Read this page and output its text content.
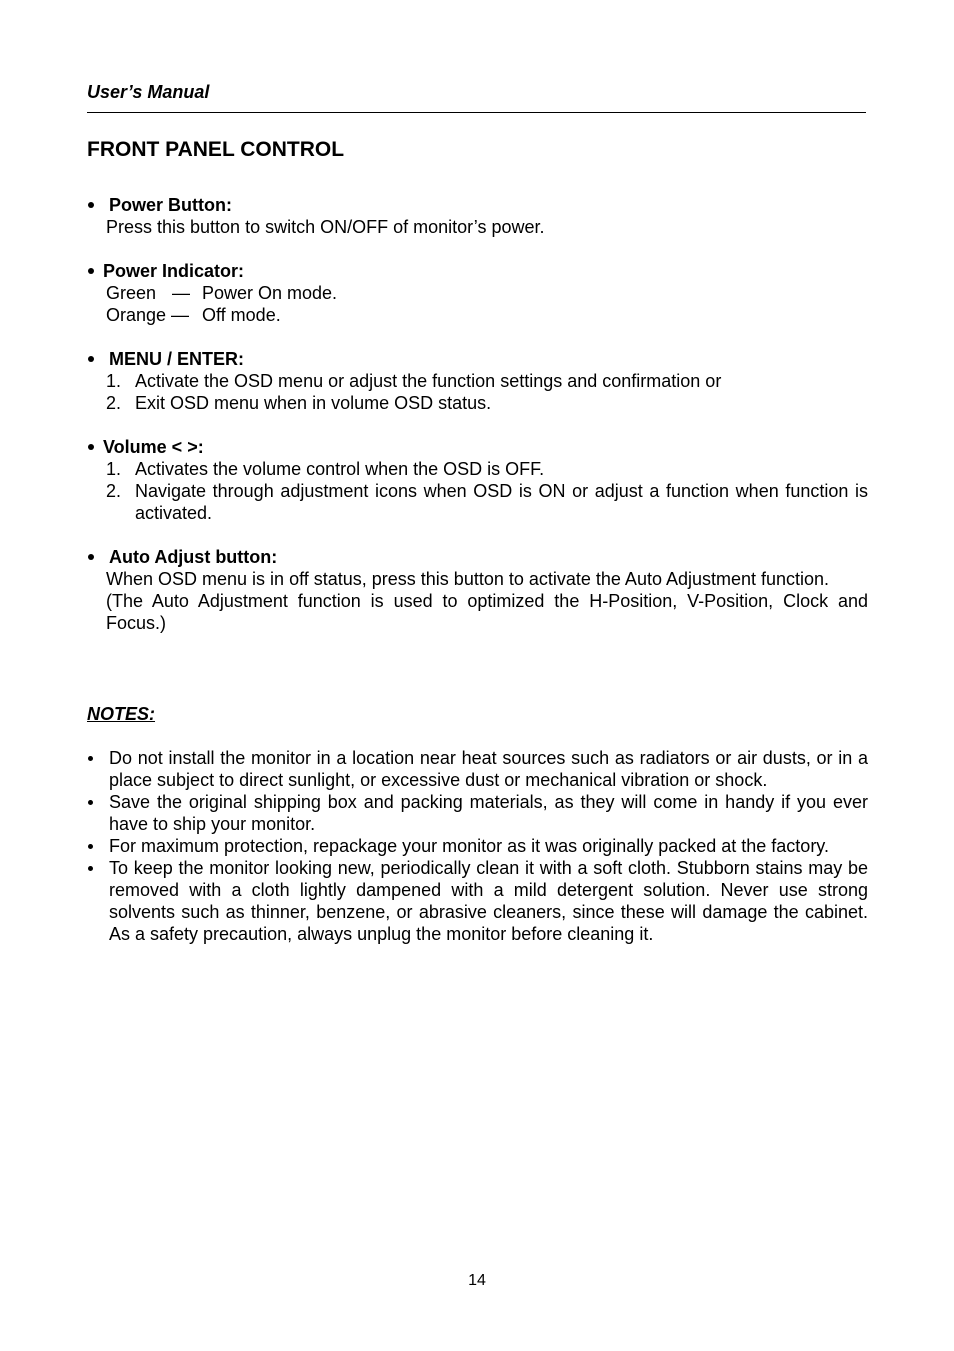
User’s Manual
FRONT PANEL CONTROL
Power Button:
Press this button to switch ON/OFF of monitor’s power.
Power Indicator:
Green — Power On mode.
Orange — Off mode.
MENU / ENTER:
1. Activate the OSD menu or adjust the function settings and confirmation or
2. Exit OSD menu when in volume OSD status.
Volume < >:
1. Activates the volume control when the OSD is OFF.
2. Navigate through adjustment icons when OSD is ON or adjust a function when function is activated.
Auto Adjust button:

When OSD menu is in off status, press this button to activate the Auto Adjustment function.

(The Auto Adjustment function is used to optimized the H-Position, V-Position, Clock and Focus.)

NOTES:
Do not install the monitor in a location near heat sources such as radiators or air dusts, or in a place subject to direct sunlight, or excessive dust or mechanical vibration or shock.
Save the original shipping box and packing materials, as they will come in handy if you ever have to ship your monitor.
For maximum protection, repackage your monitor as it was originally packed at the factory.
To keep the monitor looking new, periodically clean it with a soft cloth. Stubborn stains may be removed with a cloth lightly dampened with a mild detergent solution. Never use strong solvents such as thinner, benzene, or abrasive cleaners, since these will damage the cabinet. As a safety precaution, always unplug the monitor before cleaning it.
14
